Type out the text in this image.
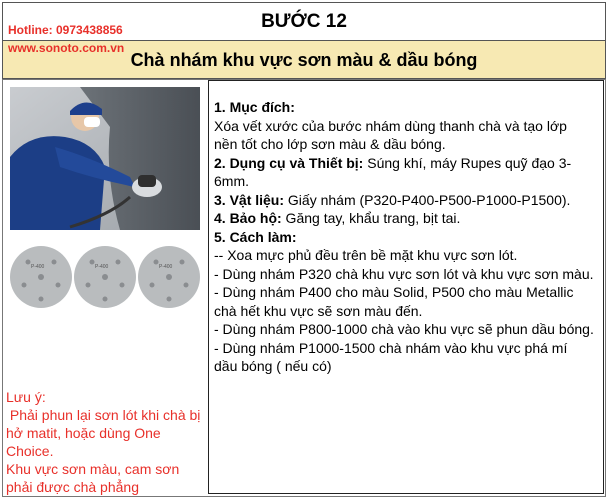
BƯỚC 12
Hotline: 0973438856
Chà nhám khu vực sơn màu & dầu bóng
www.sonoto.com.vn
P-400	P-400	P-400
Lưu ý:
Phải phun lại sơn lót khi chà bị hở matit, hoặc dùng One Choice.
Khu vực sơn màu, cam sơn phải được chà phẳng

1. Mục đích:

Xóa vết xước của bước nhám dùng thanh chà và tạo lớp nền tốt cho lớp sơn màu & dầu bóng.

2. Dụng cụ và Thiết bị: Súng khí, máy Rupes quỹ đạo 3-6mm.

3. Vật liệu: Giấy nhám (P320-P400-P500-P1000-P1500).

4. Bảo hộ: Găng tay, khẩu trang, bịt tai.

5. Cách làm:

-- Xoa mực phủ đều trên bề mặt khu vực sơn lót.

- Dùng nhám P320 chà khu vực sơn lót và khu vực sơn màu.

- Dùng nhám P400 cho màu Solid, P500 cho màu Metallic chà hết khu vực sẽ sơn màu đến.

- Dùng nhám P800-1000 chà vào khu vực sẽ phun dầu bóng.

- Dùng nhám P1000-1500 chà nhám vào khu vực phá mí dầu bóng ( nếu có)
